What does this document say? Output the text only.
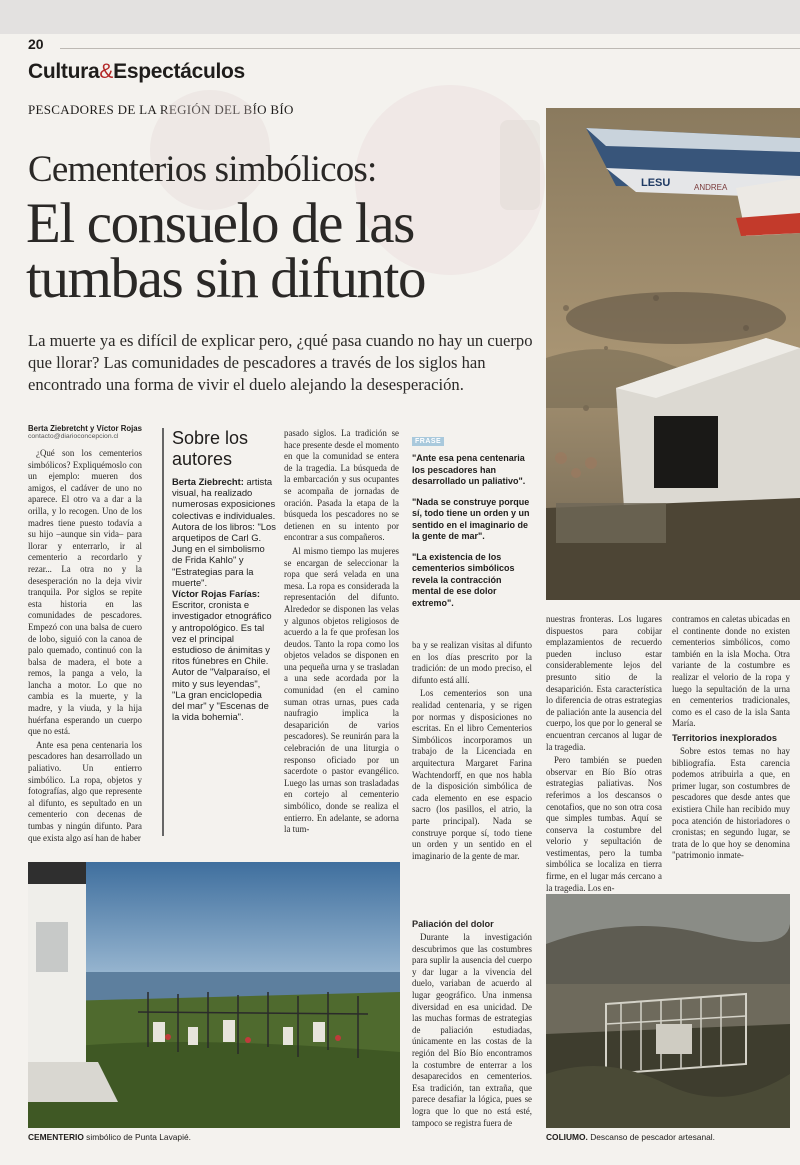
20
Cultura&Espectáculos
PESCADORES DE LA REGIÓN DEL BÍO BÍO
Cementerios simbólicos:
El consuelo de las tumbas sin difunto
La muerte ya es difícil de explicar pero, ¿qué pasa cuando no hay un cuerpo que llorar? Las comunidades de pescadores a través de los siglos han encontrado una forma de vivir el duelo alejando la desesperación.
LESU	ANDREA
Berta Ziebretcht y Víctor Rojas
contacto@diarioconcepcion.cl

¿Qué son los cementerios simbólicos? Expliquémoslo con un ejemplo: mueren dos amigos, el cadáver de uno no aparece. El otro va a dar a la orilla, y lo recogen. Uno de los madres tiene puesto todavía a su hijo –aunque sin vida– para llorar y enterrarlo, ir al cementerio a recordarlo y rezar... La otra no y la desesperación no la deja vivir tranquila. Por siglos se repite esta historia en las comunidades de pescadores. Empezó con una balsa de cuero de lobo, siguió con la canoa de palo quemado, continuó con la balsa de madera, el bote a remos, la panga a velo, la lancha a motor. Lo que no cambia es la muerte, y la madre, y la viuda, y la hija huérfana esperando un cuerpo que no está.

Ante esa pena centenaria los pescadores han desarrollado un paliativo. Un entierro simbólico. La ropa, objetos y fotografías, algo que represente al difunto, es sepultado en un cementerio con decenas de tumbas y ningún difunto. Para que exista algo así han de haber

Sobre los autores
Berta Ziebrecht: artista visual, ha realizado numerosas exposiciones colectivas e individuales. Autora de los libros: "Los arquetipos de Carl G. Jung en el simbolismo de Frida Kahlo" y "Estrategias para la muerte".
Víctor Rojas Farías: Escritor, cronista e investigador etnográfico y antropológico. Es tal vez el principal estudioso de ánimitas y ritos fúnebres en Chile. Autor de "Valparaíso, el mito y sus leyendas", "La gran enciclopedia del mar" y "Escenas de la vida bohemia".

pasado siglos. La tradición se hace presente desde el momento en que la comunidad se entera de la tragedia. La búsqueda de la embarcación y sus ocupantes se acompaña de jornadas de oración. Pasada la etapa de la búsqueda los pescadores no se detienen en su intento por encontrar a sus compañeros.

Al mismo tiempo las mujeres se encargan de seleccionar la ropa que será velada en una mesa. La ropa es considerada la representación del difunto. Alrededor se disponen las velas y algunos objetos religiosos de acuerdo a la fe que profesan los deudos. Tanto la ropa como los objetos velados se disponen en una pequeña urna y se trasladan a una sede acordada por la comunidad (en el camino suman otras urnas, pues cada naufragio implica la desaparición de varios pescadores). Se reunirán para la celebración de una liturgia o responso oficiado por un sacerdote o pastor evangélico. Luego las urnas son trasladadas en cortejo al cementerio simbólico, donde se realiza el entierro. En adelante, se adorna la tum-

FRASE

"Ante esa pena centenaria los pescadores han desarrollado un paliativo".

"Nada se construye porque sí, todo tiene un orden y un sentido en el imaginario de la gente de mar".

"La existencia de los cementerios simbólicos revela la contracción mental de ese dolor extremo".

ba y se realizan visitas al difunto en los días prescrito por la tradición: de un modo preciso, el difunto está allí.

Los cementerios son una realidad centenaria, y se rigen por normas y disposiciones no escritas. En el libro Cementerios Simbólicos incorporamos un trabajo de la Licenciada en arquitectura Margaret Farina Wachtendorff, en que nos habla de la disposición simbólica de cada elemento en ese espacio sacro (los pasillos, el atrio, la parte principal). Nada se construye porque sí, todo tiene un orden y un sentido en el imaginario de la gente de mar.

Paliación del dolor

Durante la investigación descubrimos que las costumbres para suplir la ausencia del cuerpo y dar lugar a la vivencia del duelo, variaban de acuerdo al lugar geográfico. Una inmensa diversidad en esa unicidad. De las muchas formas de estrategias de paliación estudiadas, únicamente en las costas de la región del Bío Bío encontramos la costumbre de enterrar a los desaparecidos en cementerios. Esa tradición, tan extraña, que parece desafiar la lógica, pues se logra que lo que no está esté, tampoco se registra fuera de

nuestras fronteras. Los lugares dispuestos para cobijar emplazamientos de recuerdo pueden incluso estar considerablemente lejos del presunto sitio de la desaparición. Esta característica lo diferencia de otras estrategias de paliación ante la ausencia del cuerpo, los que por lo general se encuentran cercanos al lugar de la tragedia.

Pero también se pueden observar en Bío Bío otras estrategias paliativas. Nos referimos a los descansos o cenotafios, que no son otra cosa que simples tumbas. Aquí se conserva la costumbre del velorio y sepultación de vestimentas, pero la tumba simbólica se localiza en tierra firme, en el lugar más cercano a la tragedia. Los en-

contramos en caletas ubicadas en el continente donde no existen cementerios simbólicos, como también en la isla Mocha. Otra variante de la costumbre es realizar el velorio de la ropa y luego la sepultación de la urna en cementerios tradicionales, como es el caso de la isla Santa María.

Territorios inexplorados

Sobre estos temas no hay bibliografía. Esta carencia podemos atribuirla a que, en primer lugar, son costumbres de pescadores que desde antes que existiera Chile han recibido muy poca atención de historiadores o cronistas; en segundo lugar, se trata de lo que hoy se denomina "patrimonio inmate-

CEMENTERIO simbólico de Punta Lavapié.	COLIUMO. Descanso de pescador artesanal.
